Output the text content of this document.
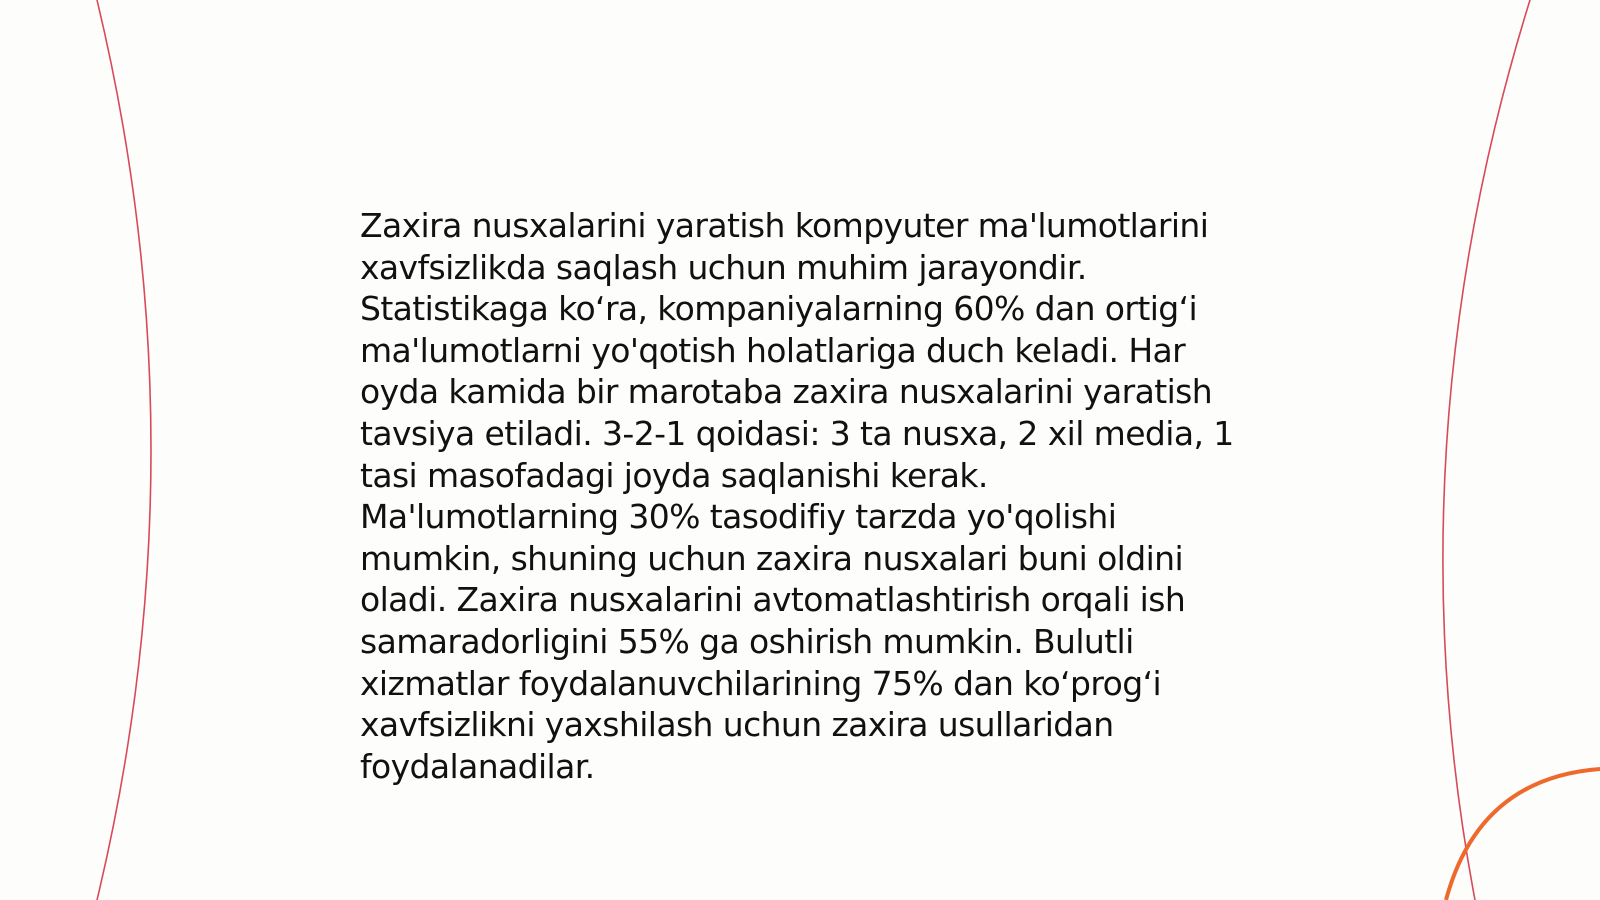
Zaxira nusxalarini yaratish kompyuter ma'lumotlarini
xavfsizlikda saqlash uchun muhim jarayondir.
Statistikaga ko‘ra, kompaniyalarning 60% dan ortig‘i
ma'lumotlarni yo'qotish holatlariga duch keladi. Har
oyda kamida bir marotaba zaxira nusxalarini yaratish
tavsiya etiladi. 3-2-1 qoidasi: 3 ta nusxa, 2 xil media, 1
tasi masofadagi joyda saqlanishi kerak.
Ma'lumotlarning 30% tasodifiy tarzda yo'qolishi
mumkin, shuning uchun zaxira nusxalari buni oldini
oladi. Zaxira nusxalarini avtomatlashtirish orqali ish
samaradorligini 55% ga oshirish mumkin. Bulutli
xizmatlar foydalanuvchilarining 75% dan ko‘prog‘i
xavfsizlikni yaxshilash uchun zaxira usullaridan
foydalanadilar.
